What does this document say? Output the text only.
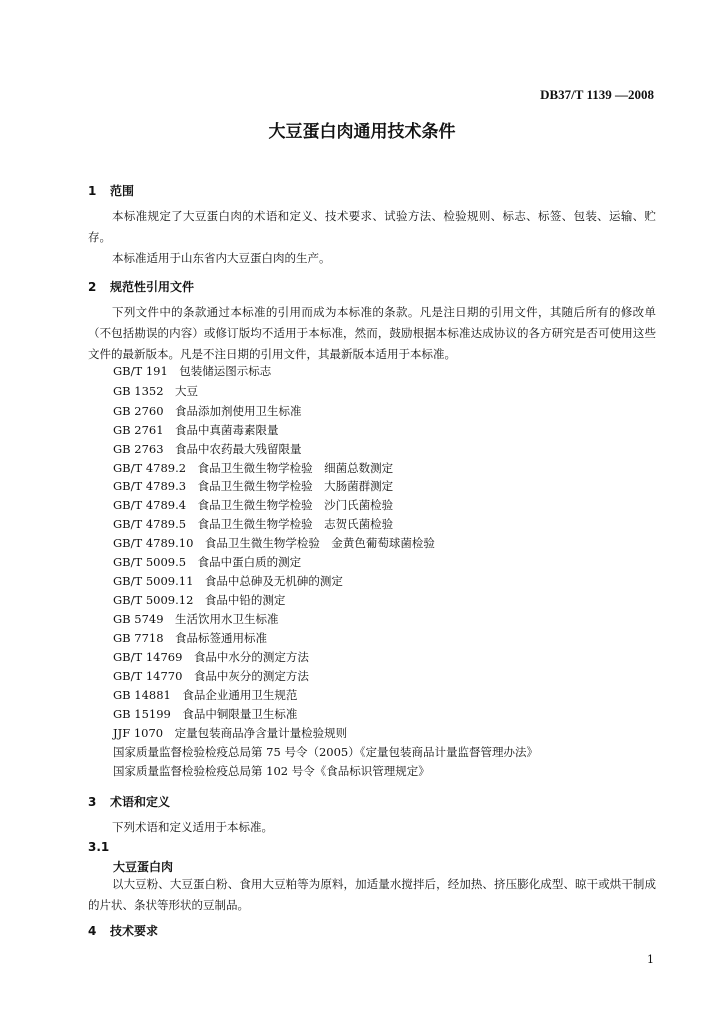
DB37/T 1139 —2008
大豆蛋白肉通用技术条件
1 范围
本标准规定了大豆蛋白肉的术语和定义、技术要求、试验方法、检验规则、标志、标签、包装、运输、贮存。
本标准适用于山东省内大豆蛋白肉的生产。
2 规范性引用文件
下列文件中的条款通过本标准的引用而成为本标准的条款。凡是注日期的引用文件，其随后所有的修改单（不包括勘误的内容）或修订版均不适用于本标准，然而，鼓励根据本标准达成协议的各方研究是否可使用这些文件的最新版本。凡是不注日期的引用文件，其最新版本适用于本标准。
GB/T 191　包装储运图示标志
GB 1352　大豆
GB 2760　食品添加剂使用卫生标准
GB 2761　食品中真菌毒素限量
GB 2763　食品中农药最大残留限量
GB/T 4789.2　食品卫生微生物学检验　细菌总数测定
GB/T 4789.3　食品卫生微生物学检验　大肠菌群测定
GB/T 4789.4　食品卫生微生物学检验　沙门氏菌检验
GB/T 4789.5　食品卫生微生物学检验　志贺氏菌检验
GB/T 4789.10　食品卫生微生物学检验　金黄色葡萄球菌检验
GB/T 5009.5　食品中蛋白质的测定
GB/T 5009.11　食品中总砷及无机砷的测定
GB/T 5009.12　食品中铅的测定
GB 5749　生活饮用水卫生标准
GB 7718　食品标签通用标准
GB/T 14769　食品中水分的测定方法
GB/T 14770　食品中灰分的测定方法
GB 14881　食品企业通用卫生规范
GB 15199　食品中铜限量卫生标准
JJF 1070　定量包装商品净含量计量检验规则
国家质量监督检验检疫总局第 75 号令（2005）《定量包装商品计量监督管理办法》
国家质量监督检验检疫总局第 102 号令《食品标识管理规定》
3 术语和定义
下列术语和定义适用于本标准。
3.1
大豆蛋白肉
以大豆粉、大豆蛋白粉、食用大豆粕等为原料，加适量水搅拌后，经加热、挤压膨化成型、晾干或烘干制成的片状、条状等形状的豆制品。
4 技术要求
1
